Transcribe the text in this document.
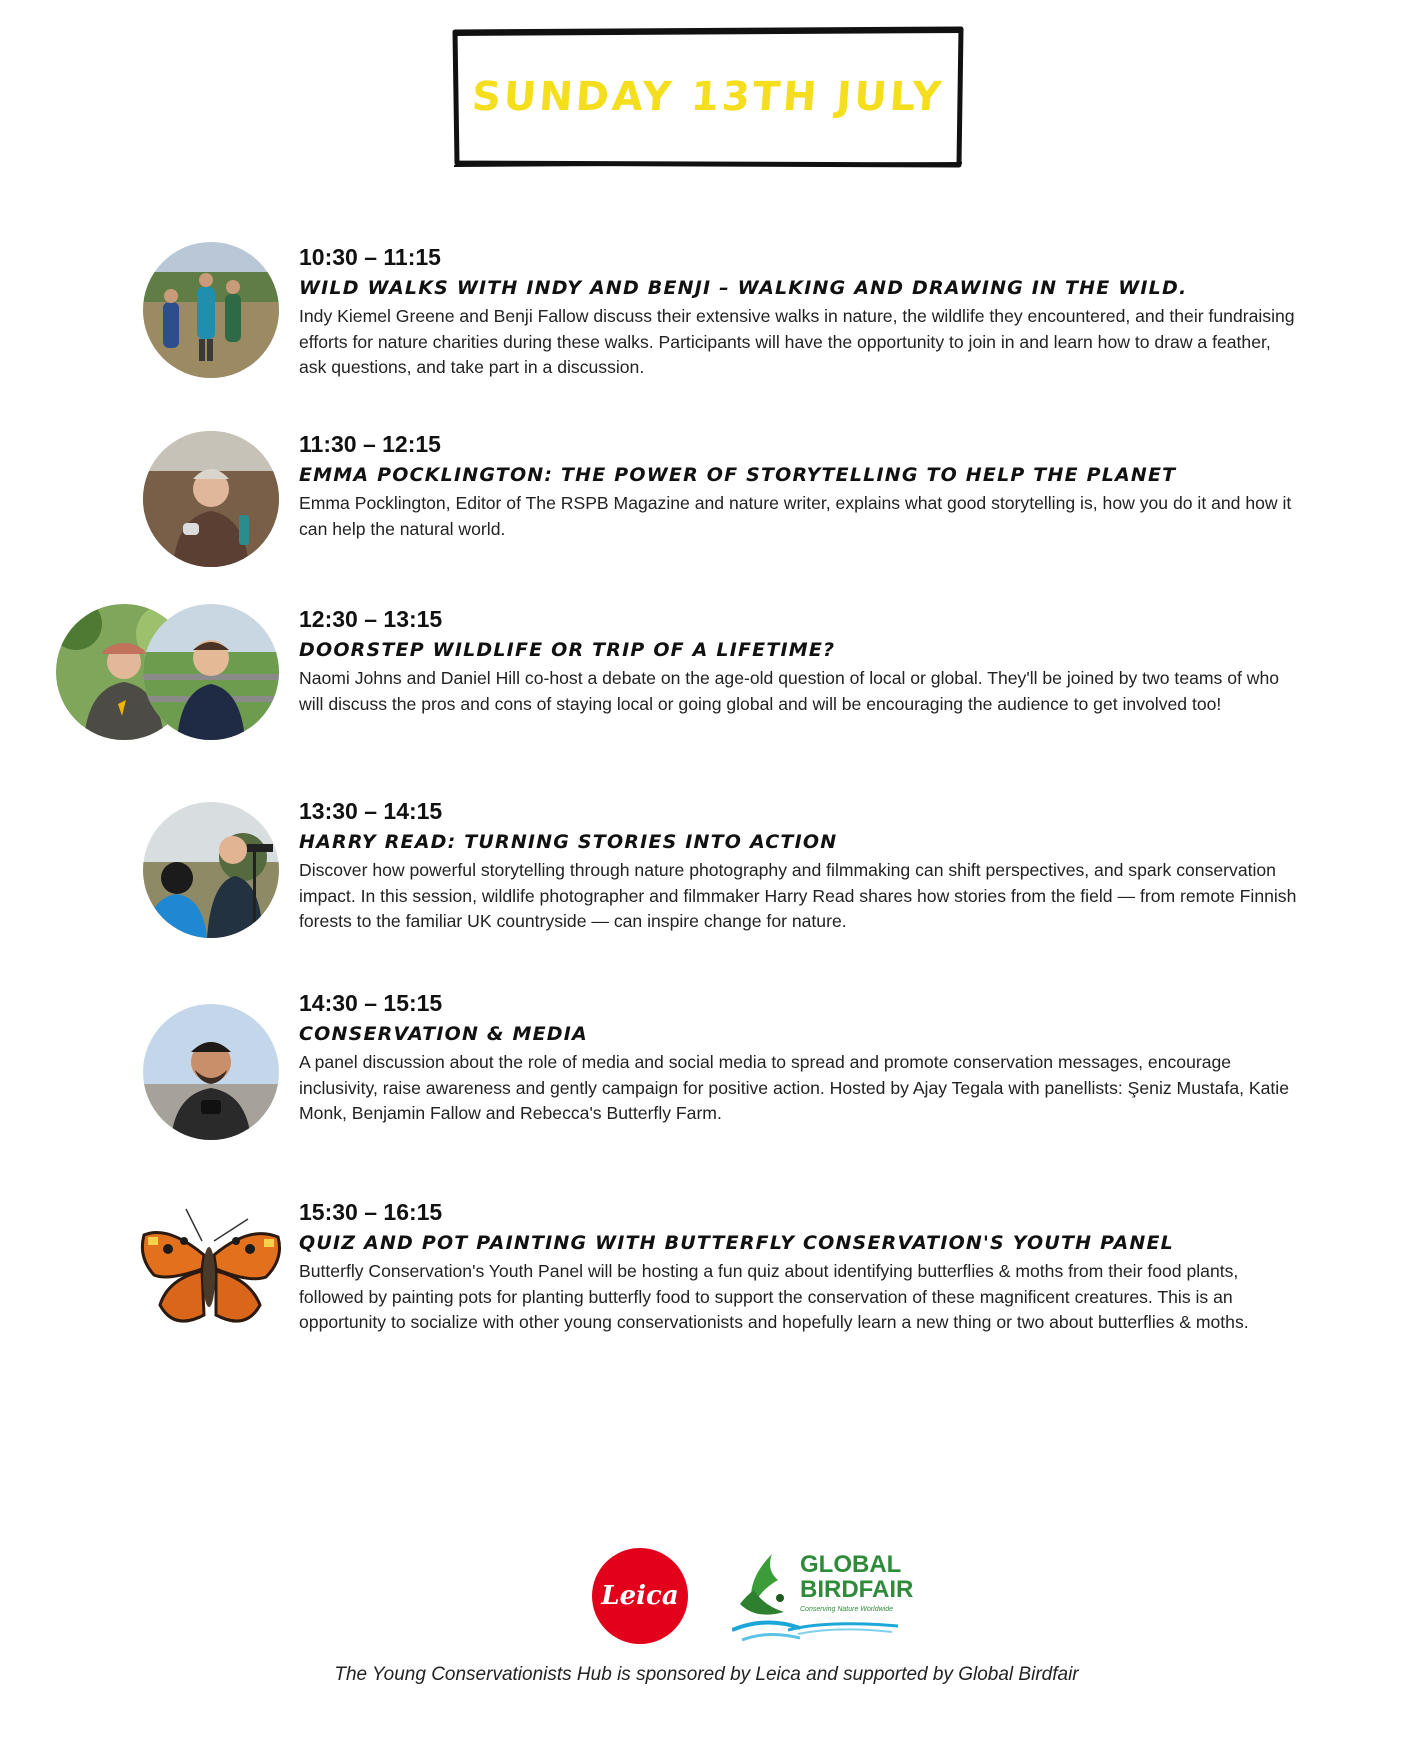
SUNDAY 13TH JULY
10:30 – 11:15
WILD WALKS WITH INDY AND BENJI – WALKING AND DRAWING IN THE WILD.
Indy Kiemel Greene and Benji Fallow discuss their extensive walks in nature, the wildlife they encountered, and their fundraising efforts for nature charities during these walks. Participants will have the opportunity to join in and learn how to draw a feather, ask questions, and take part in a discussion.
11:30 – 12:15
EMMA POCKLINGTON: THE POWER OF STORYTELLING TO HELP THE PLANET
Emma Pocklington, Editor of The RSPB Magazine and nature writer, explains what good storytelling is, how you do it and how it can help the natural world.
12:30 – 13:15
DOORSTEP WILDLIFE OR TRIP OF A LIFETIME?
Naomi Johns and Daniel Hill co-host a debate on the age-old question of local or global. They'll be joined by two teams of who will discuss the pros and cons of staying local or going global and will be encouraging the audience to get involved too!
13:30 – 14:15
HARRY READ: TURNING STORIES INTO ACTION
Discover how powerful storytelling through nature photography and filmmaking can shift perspectives, and spark conservation impact. In this session, wildlife photographer and filmmaker Harry Read shares how stories from the field — from remote Finnish forests to the familiar UK countryside — can inspire change for nature.
14:30 – 15:15
CONSERVATION & MEDIA
A panel discussion about the role of media and social media to spread and promote conservation messages, encourage inclusivity, raise awareness and gently campaign for positive action. Hosted by Ajay Tegala with panellists: Şeniz Mustafa, Katie Monk, Benjamin Fallow and Rebecca's Butterfly Farm.
15:30 – 16:15
QUIZ AND POT PAINTING WITH BUTTERFLY CONSERVATION'S YOUTH PANEL
Butterfly Conservation's Youth Panel will be hosting a fun quiz about identifying butterflies & moths from their food plants, followed by painting pots for planting butterfly food to support the conservation of these magnificent creatures. This is an opportunity to socialize with other young conservationists and hopefully learn a new thing or two about butterflies & moths.
Leica
GLOBAL
BIRDFAIR
Conserving Nature Worldwide
The Young Conservationists Hub is sponsored by Leica and supported by Global Birdfair
